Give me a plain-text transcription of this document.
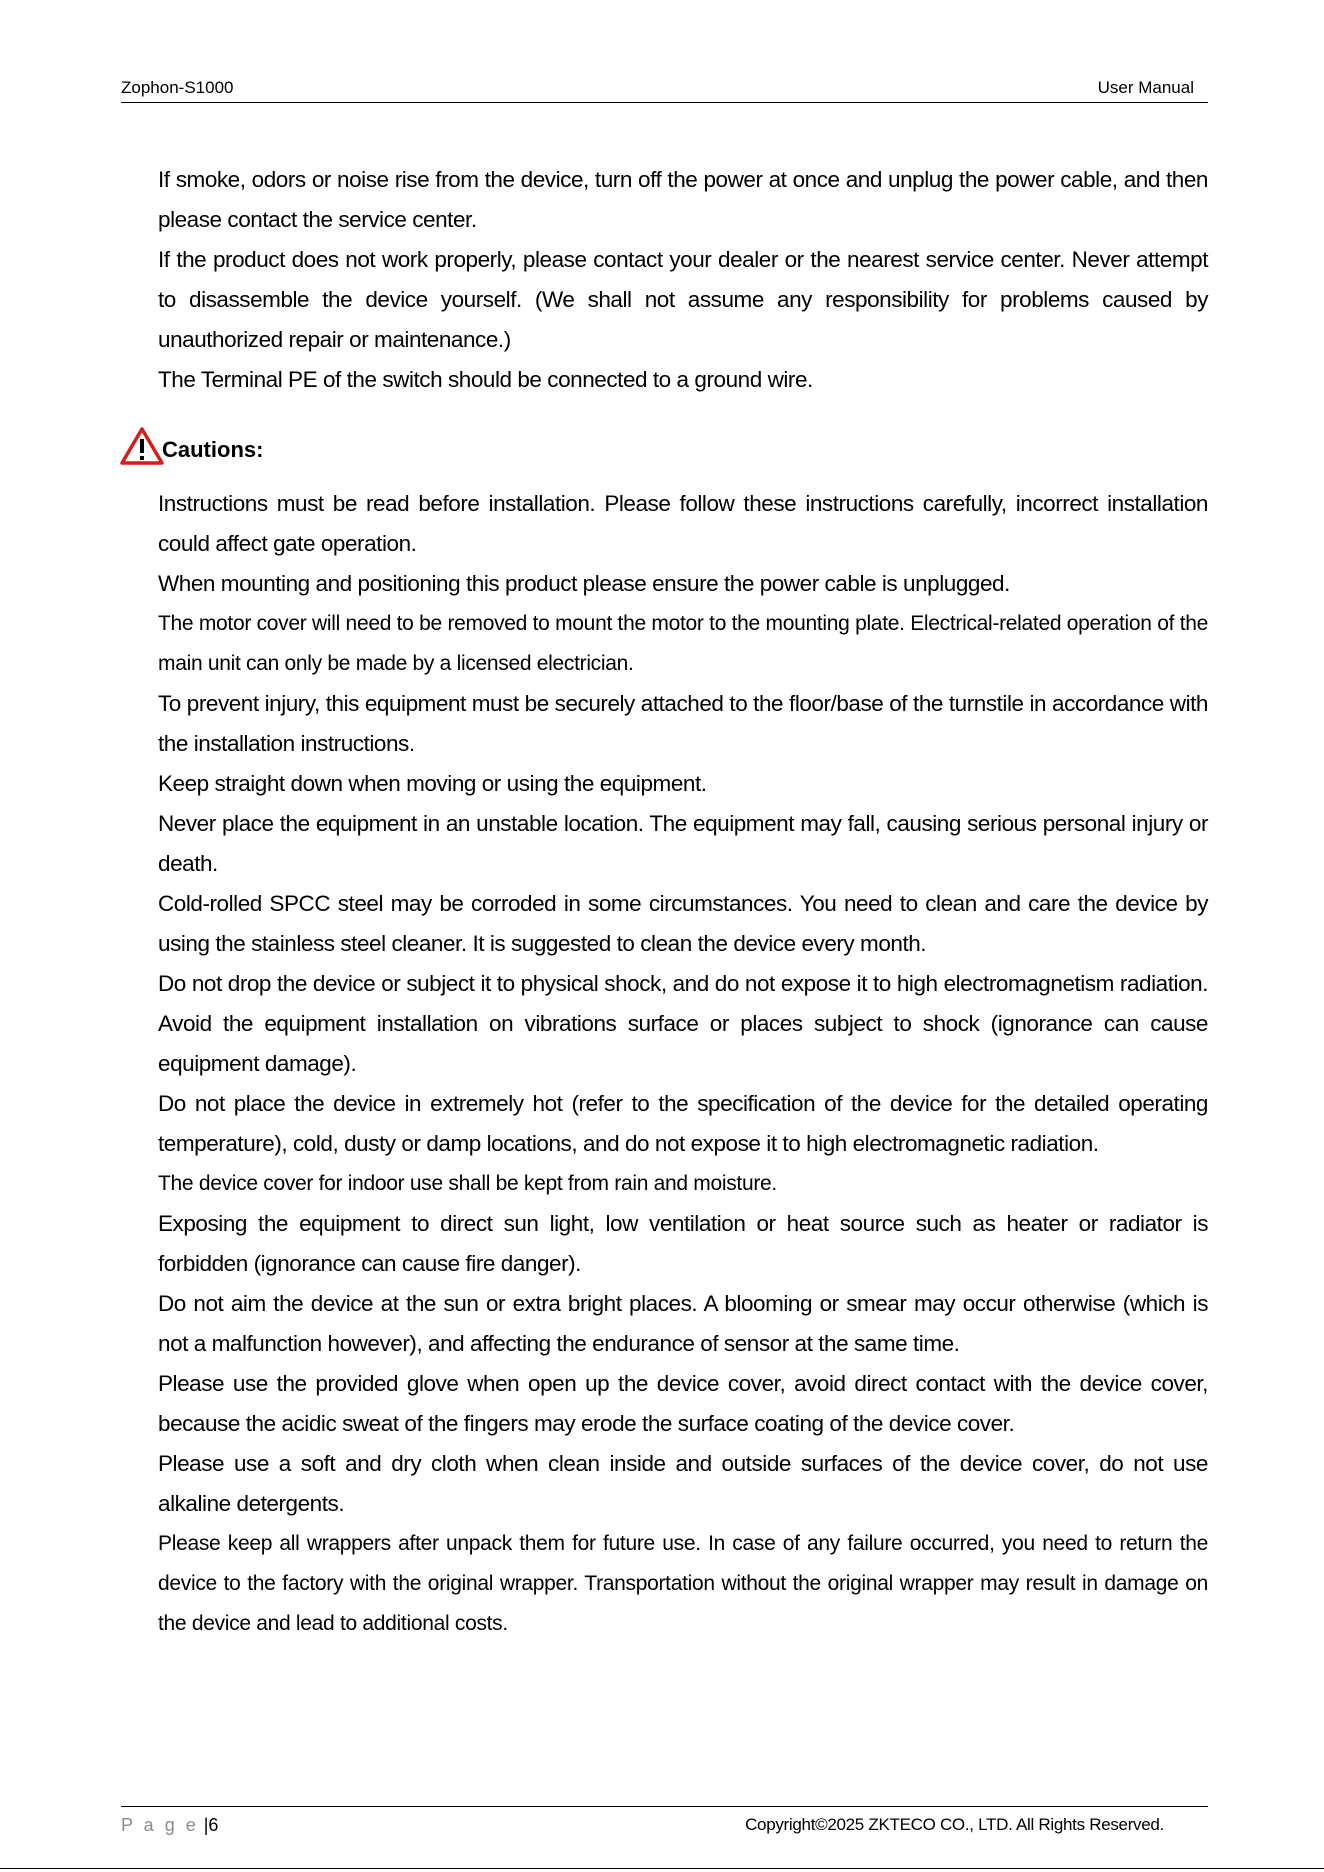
Zophon-S1000	User Manual

If smoke, odors or noise rise from the device, turn off the power at once and unplug the power cable, and then please contact the service center.

If the product does not work properly, please contact your dealer or the nearest service center. Never attempt to disassemble the device yourself. (We shall not assume any responsibility for problems caused by unauthorized repair or maintenance.)

The Terminal PE of the switch should be connected to a ground wire.

Cautions:

Instructions must be read before installation. Please follow these instructions carefully, incorrect installation could affect gate operation.

When mounting and positioning this product please ensure the power cable is unplugged.

The motor cover will need to be removed to mount the motor to the mounting plate. Electrical-related operation of the main unit can only be made by a licensed electrician.

To prevent injury, this equipment must be securely attached to the floor/base of the turnstile in accordance with the installation instructions.

Keep straight down when moving or using the equipment.

Never place the equipment in an unstable location. The equipment may fall, causing serious personal injury or death.

Cold-rolled SPCC steel may be corroded in some circumstances. You need to clean and care the device by using the stainless steel cleaner. It is suggested to clean the device every month.

Do not drop the device or subject it to physical shock, and do not expose it to high electromagnetism radiation. Avoid the equipment installation on vibrations surface or places subject to shock (ignorance can cause equipment damage).

Do not place the device in extremely hot (refer to the specification of the device for the detailed operating temperature), cold, dusty or damp locations, and do not expose it to high electromagnetic radiation.

The device cover for indoor use shall be kept from rain and moisture.

Exposing the equipment to direct sun light, low ventilation or heat source such as heater or radiator is forbidden (ignorance can cause fire danger).

Do not aim the device at the sun or extra bright places. A blooming or smear may occur otherwise (which is not a malfunction however), and affecting the endurance of sensor at the same time.

Please use the provided glove when open up the device cover, avoid direct contact with the device cover, because the acidic sweat of the fingers may erode the surface coating of the device cover.

Please use a soft and dry cloth when clean inside and outside surfaces of the device cover, do not use alkaline detergents.

Please keep all wrappers after unpack them for future use. In case of any failure occurred, you need to return the device to the factory with the original wrapper. Transportation without the original wrapper may result in damage on the device and lead to additional costs.

P a g e |6	Copyright©2025 ZKTECO CO., LTD. All Rights Reserved.
